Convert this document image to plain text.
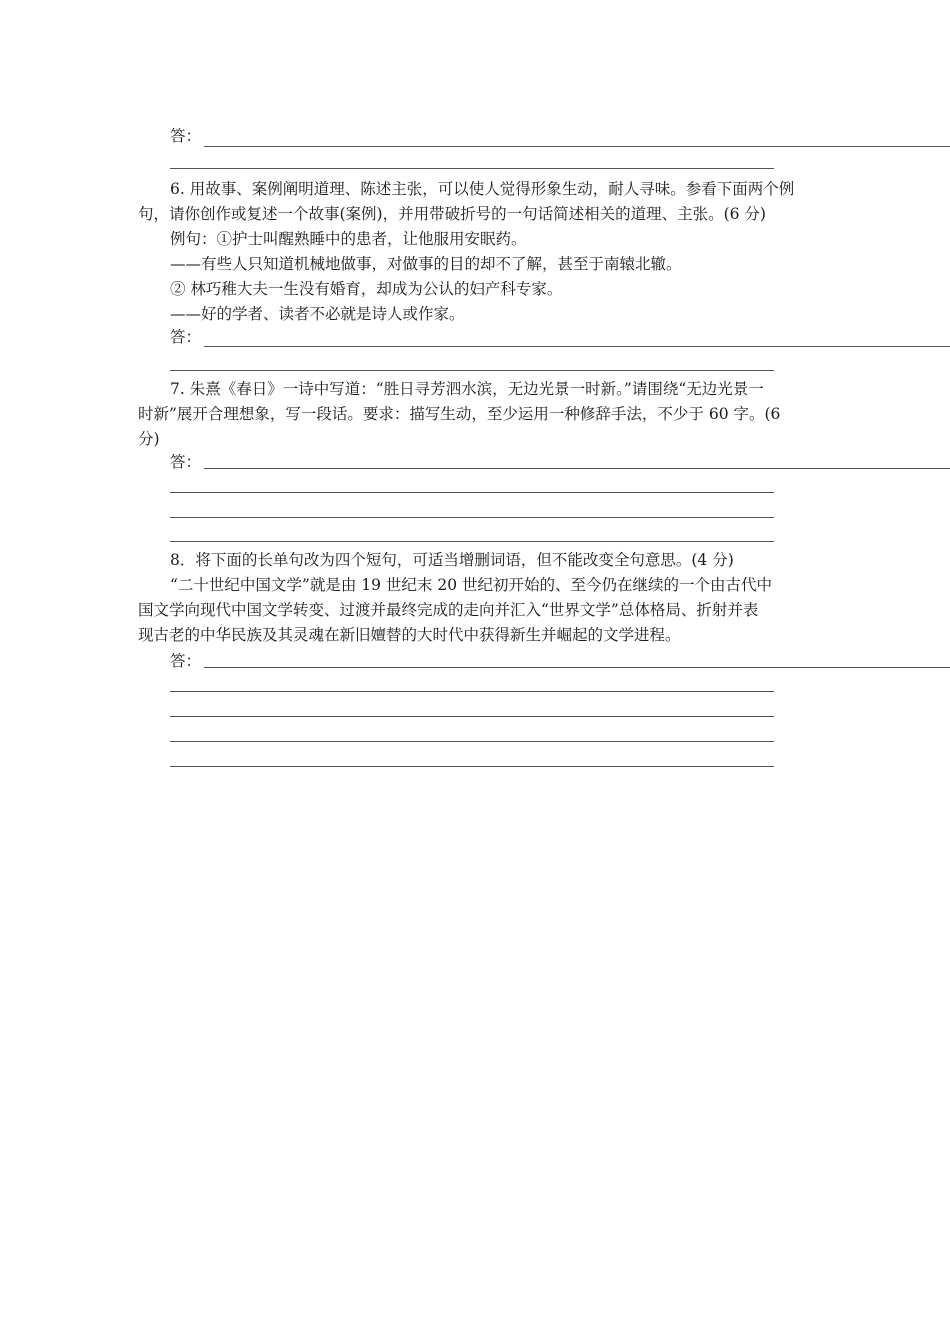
答：
6. 用故事、案例阐明道理、陈述主张，可以使人觉得形象生动，耐人寻味。参看下面两个例
句，请你创作或复述一个故事(案例)，并用带破折号的一句话简述相关的道理、主张。(6 分)
例句：①护士叫醒熟睡中的患者，让他服用安眠药。
——有些人只知道机械地做事，对做事的目的却不了解，甚至于南辕北辙。
② 林巧稚大夫一生没有婚育，却成为公认的妇产科专家。
——好的学者、读者不必就是诗人或作家。
答：
7. 朱熹《春日》一诗中写道：“胜日寻芳泗水滨，无边光景一时新。”请围绕“无边光景一
时新”展开合理想象，写一段话。要求：描写生动，至少运用一种修辞手法，不少于 60 字。(6
分)
答：
8．将下面的长单句改为四个短句，可适当增删词语，但不能改变全句意思。(4 分)
“二十世纪中国文学”就是由 19 世纪末 20 世纪初开始的、至今仍在继续的一个由古代中
国文学向现代中国文学转变、过渡并最终完成的走向并汇入“世界文学”总体格局、折射并表
现古老的中华民族及其灵魂在新旧嬗替的大时代中获得新生并崛起的文学进程。
答：
